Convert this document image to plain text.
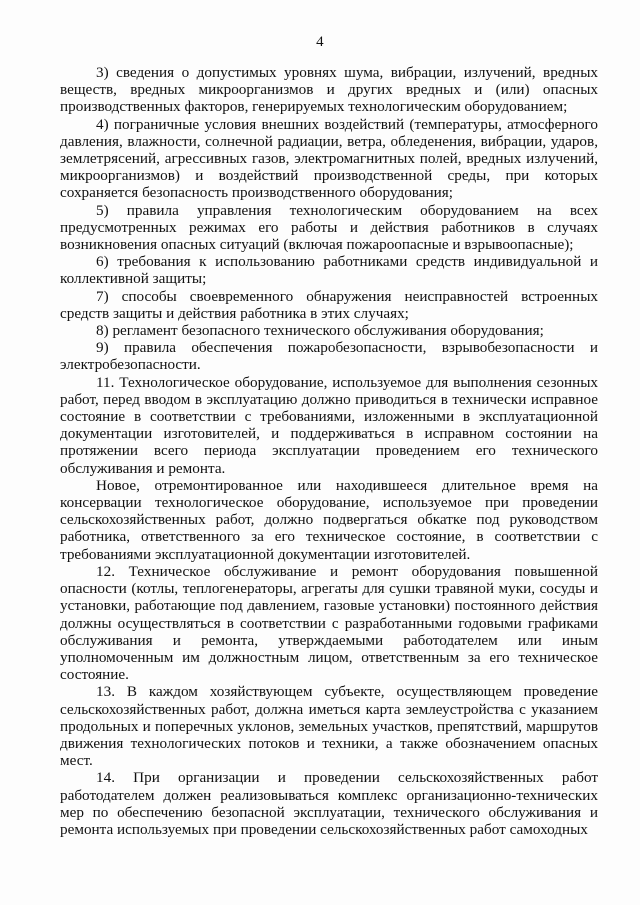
4

3) сведения о допустимых уровнях шума, вибрации, излучений, вредных веществ, вредных микроорганизмов и других вредных и (или) опасных производственных факторов, генерируемых технологическим оборудованием;

4) пограничные условия внешних воздействий (температуры, атмосферного давления, влажности, солнечной радиации, ветра, обледенения, вибрации, ударов, землетрясений, агрессивных газов, электромагнитных полей, вредных излучений, микроорганизмов) и воздействий производственной среды, при которых сохраняется безопасность производственного оборудования;

5) правила управления технологическим оборудованием на всех предусмотренных режимах его работы и действия работников в случаях возникновения опасных ситуаций (включая пожароопасные и взрывоопасные);

6) требования к использованию работниками средств индивидуальной и коллективной защиты;

7) способы своевременного обнаружения неисправностей встроенных средств защиты и действия работника в этих случаях;

8) регламент безопасного технического обслуживания оборудования;

9) правила обеспечения пожаробезопасности, взрывобезопасности и электробезопасности.

11. Технологическое оборудование, используемое для выполнения сезонных работ, перед вводом в эксплуатацию должно приводиться в технически исправное состояние в соответствии с требованиями, изложенными в эксплуатационной документации изготовителей, и поддерживаться в исправном состоянии на протяжении всего периода эксплуатации проведением его технического обслуживания и ремонта.

Новое, отремонтированное или находившееся длительное время на консервации технологическое оборудование, используемое при проведении сельскохозяйственных работ, должно подвергаться обкатке под руководством работника, ответственного за его техническое состояние, в соответствии с требованиями эксплуатационной документации изготовителей.

12. Техническое обслуживание и ремонт оборудования повышенной опасности (котлы, теплогенераторы, агрегаты для сушки травяной муки, сосуды и установки, работающие под давлением, газовые установки) постоянного действия должны осуществляться в соответствии с разработанными годовыми графиками обслуживания и ремонта, утверждаемыми работодателем или иным уполномоченным им должностным лицом, ответственным за его техническое состояние.

13. В каждом хозяйствующем субъекте, осуществляющем проведение сельскохозяйственных работ, должна иметься карта землеустройства с указанием продольных и поперечных уклонов, земельных участков, препятствий, маршрутов движения технологических потоков и техники, а также обозначением опасных мест.

14. При организации и проведении сельскохозяйственных работ работодателем должен реализовываться комплекс организационно-технических мер по обеспечению безопасной эксплуатации, технического обслуживания и ремонта используемых при проведении сельскохозяйственных работ самоходных
